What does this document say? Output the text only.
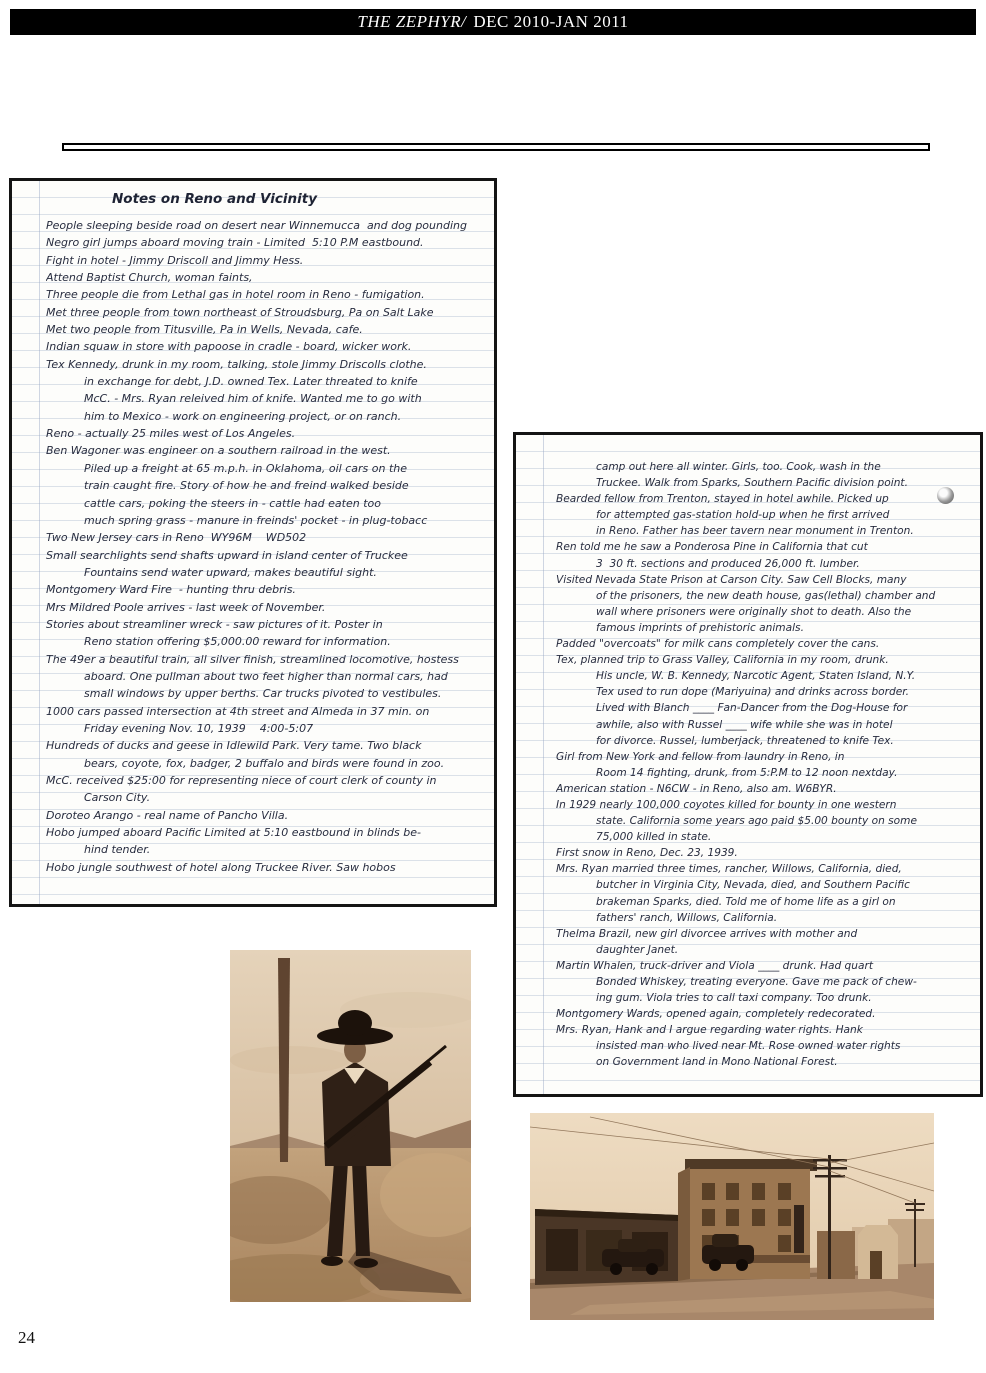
THE ZEPHYR/ DEC 2010-JAN 2011
Notes on Reno and Vicinity
People sleeping beside road on desert near Winnemucca  and dog pounding
Negro girl jumps aboard moving train - Limited  5:10 P.M eastbound.
Fight in hotel - Jimmy Driscoll and Jimmy Hess.
Attend Baptist Church, woman faints,
Three people die from Lethal gas in hotel room in Reno - fumigation.
Met three people from town northeast of Stroudsburg, Pa on Salt Lake
Met two people from Titusville, Pa in Wells, Nevada, cafe.
Indian squaw in store with papoose in cradle - board, wicker work.
Tex Kennedy, drunk in my room, talking, stole Jimmy Driscolls clothe.
in exchange for debt, J.D. owned Tex. Later threated to knife
McC. - Mrs. Ryan releived him of knife. Wanted me to go with
him to Mexico - work on engineering project, or on ranch.
Reno - actually 25 miles west of Los Angeles.
Ben Wagoner was engineer on a southern railroad in the west.
Piled up a freight at 65 m.p.h. in Oklahoma, oil cars on the
train caught fire. Story of how he and freind walked beside
cattle cars, poking the steers in - cattle had eaten too
much spring grass - manure in freinds' pocket - in plug-tobacc
Two New Jersey cars in Reno  WY96M    WD502
Small searchlights send shafts upward in island center of Truckee
Fountains send water upward, makes beautiful sight.
Montgomery Ward Fire  - hunting thru debris.
Mrs Mildred Poole arrives - last week of November.
Stories about streamliner wreck - saw pictures of it. Poster in
Reno station offering $5,000.00 reward for information.
The 49er a beautiful train, all silver finish, streamlined locomotive, hostess
aboard. One pullman about two feet higher than normal cars, had
small windows by upper berths. Car trucks pivoted to vestibules.
1000 cars passed intersection at 4th street and Almeda in 37 min. on
Friday evening Nov. 10, 1939    4:00-5:07
Hundreds of ducks and geese in Idlewild Park. Very tame. Two black
bears, coyote, fox, badger, 2 buffalo and birds were found in zoo.
McC. received $25:00 for representing niece of court clerk of county in
Carson City.
Doroteo Arango - real name of Pancho Villa.
Hobo jumped aboard Pacific Limited at 5:10 eastbound in blinds be-
hind tender.
Hobo jungle southwest of hotel along Truckee River. Saw hobos
camp out here all winter. Girls, too. Cook, wash in the
Truckee. Walk from Sparks, Southern Pacific division point.
Bearded fellow from Trenton, stayed in hotel awhile. Picked up
for attempted gas-station hold-up when he first arrived
in Reno. Father has beer tavern near monument in Trenton.
Ren told me he saw a Ponderosa Pine in California that cut
3  30 ft. sections and produced 26,000 ft. lumber.
Visited Nevada State Prison at Carson City. Saw Cell Blocks, many
of the prisoners, the new death house, gas(lethal) chamber and
wall where prisoners were originally shot to death. Also the
famous imprints of prehistoric animals.
Padded "overcoats" for milk cans completely cover the cans.
Tex, planned trip to Grass Valley, California in my room, drunk.
His uncle, W. B. Kennedy, Narcotic Agent, Staten Island, N.Y.
Tex used to run dope (Mariyuina) and drinks across border.
Lived with Blanch ____ Fan-Dancer from the Dog-House for
awhile, also with Russel ____ wife while she was in hotel
for divorce. Russel, lumberjack, threatened to knife Tex.
Girl from New York and fellow from laundry in Reno, in
Room 14 fighting, drunk, from 5:P.M to 12 noon nextday.
American station - N6CW - in Reno, also am. W6BYR.
In 1929 nearly 100,000 coyotes killed for bounty in one western
state. California some years ago paid $5.00 bounty on some
75,000 killed in state.
First snow in Reno, Dec. 23, 1939.
Mrs. Ryan married three times, rancher, Willows, California, died,
butcher in Virginia City, Nevada, died, and Southern Pacific
brakeman Sparks, died. Told me of home life as a girl on
fathers' ranch, Willows, California.
Thelma Brazil, new girl divorcee arrives with mother and
daughter Janet.
Martin Whalen, truck-driver and Viola ____ drunk. Had quart
Bonded Whiskey, treating everyone. Gave me pack of chew-
ing gum. Viola tries to call taxi company. Too drunk.
Montgomery Wards, opened again, completely redecorated.
Mrs. Ryan, Hank and I argue regarding water rights. Hank
insisted man who lived near Mt. Rose owned water rights
on Government land in Mono National Forest.
24
